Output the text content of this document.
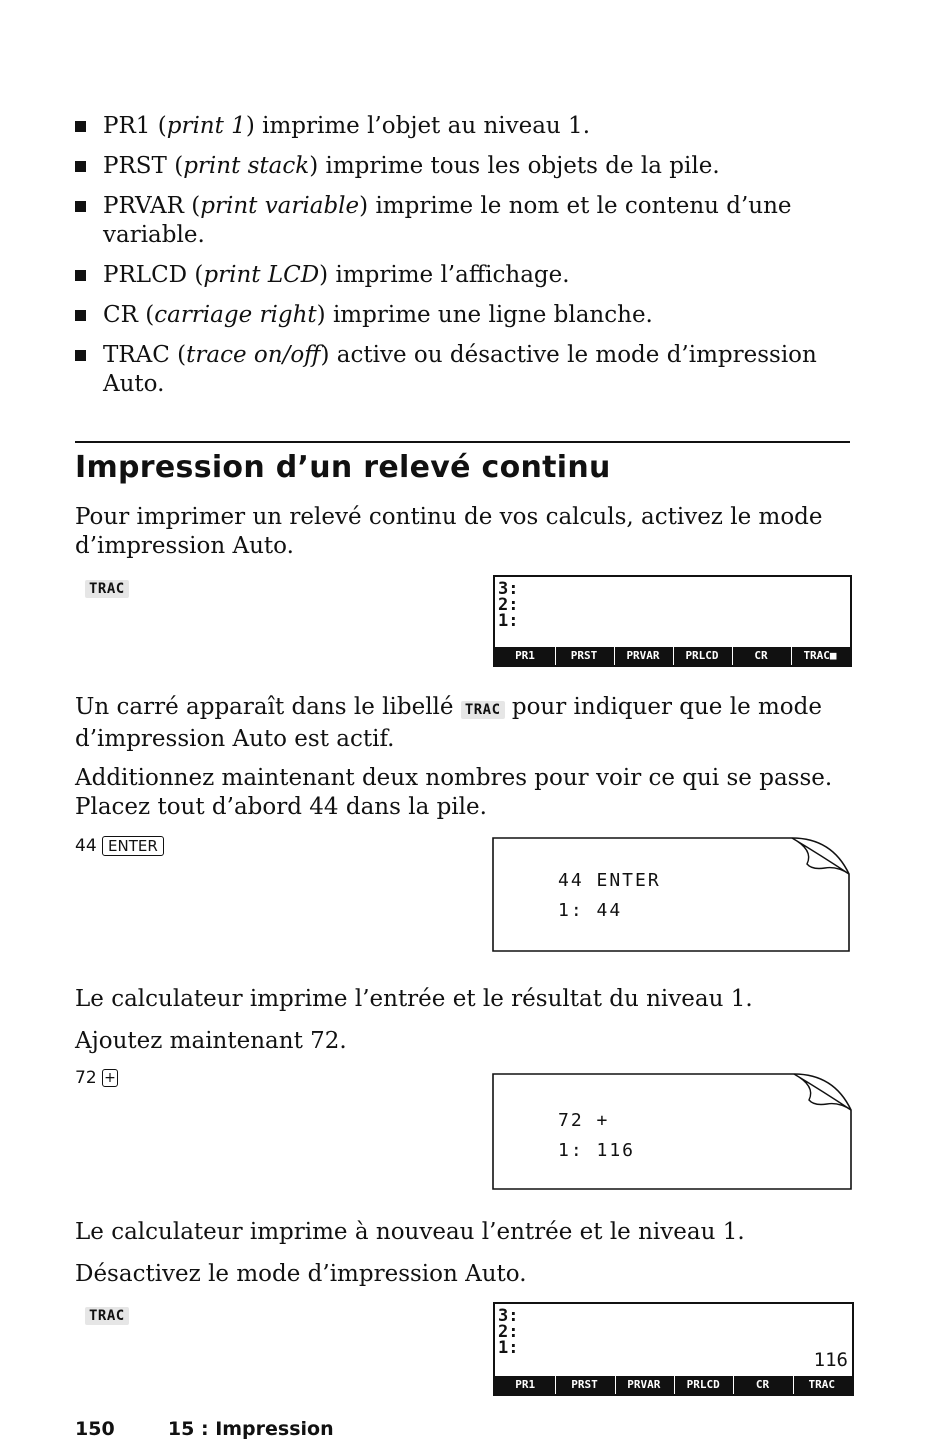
PR1 (print 1) imprime l’objet au niveau 1.
PRST (print stack) imprime tous les objets de la pile.
PRVAR (print variable) imprime le nom et le contenu d’une variable.
PRLCD (print LCD) imprime l’affichage.
CR (carriage right) imprime une ligne blanche.
TRAC (trace on/off) active ou désactive le mode d’impression Auto.
Impression d’un relevé continu
Pour imprimer un relevé continu de vos calculs, activez le mode d’impression Auto.
TRAC	3:
2:
1:
PR1	PRST	PRVAR	PRLCD	CR	TRAC■
Un carré apparaît dans le libellé TRAC pour indiquer que le mode d’impression Auto est actif.
Additionnez maintenant deux nombres pour voir ce qui se passe. Placez tout d’abord 44 dans la pile.
44 ENTER
44 ENTER
1: 44
Le calculateur imprime l’entrée et le résultat du niveau 1.
Ajoutez maintenant 72.
72 +
72 +
1: 116
Le calculateur imprime à nouveau l’entrée et le niveau 1.
Désactivez le mode d’impression Auto.
TRAC	3:
2:
1:
116
PR1	PRST	PRVAR	PRLCD	CR	TRAC
150	15 : Impression
